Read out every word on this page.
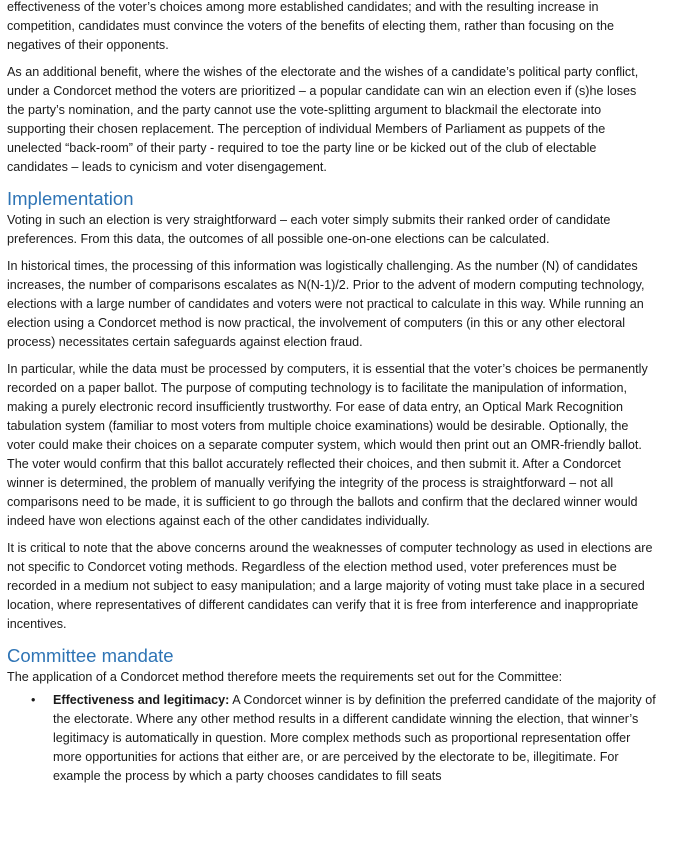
effectiveness of the voter’s choices among more established candidates; and with the resulting increase in competition, candidates must convince the voters of the benefits of electing them, rather than focusing on the negatives of their opponents.

As an additional benefit, where the wishes of the electorate and the wishes of a candidate’s political party conflict, under a Condorcet method the voters are prioritized – a popular candidate can win an election even if (s)he loses the party’s nomination, and the party cannot use the vote-splitting argument to blackmail the electorate into supporting their chosen replacement. The perception of individual Members of Parliament as puppets of the unelected “back-room” of their party - required to toe the party line or be kicked out of the club of electable candidates – leads to cynicism and voter disengagement.

Implementation

Voting in such an election is very straightforward – each voter simply submits their ranked order of candidate preferences. From this data, the outcomes of all possible one-on-one elections can be calculated.

In historical times, the processing of this information was logistically challenging. As the number (N) of candidates increases, the number of comparisons escalates as N(N-1)/2. Prior to the advent of modern computing technology, elections with a large number of candidates and voters were not practical to calculate in this way. While running an election using a Condorcet method is now practical, the involvement of computers (in this or any other electoral process) necessitates certain safeguards against election fraud.

In particular, while the data must be processed by computers, it is essential that the voter’s choices be permanently recorded on a paper ballot. The purpose of computing technology is to facilitate the manipulation of information, making a purely electronic record insufficiently trustworthy. For ease of data entry, an Optical Mark Recognition tabulation system (familiar to most voters from multiple choice examinations) would be desirable. Optionally, the voter could make their choices on a separate computer system, which would then print out an OMR-friendly ballot. The voter would confirm that this ballot accurately reflected their choices, and then submit it. After a Condorcet winner is determined, the problem of manually verifying the integrity of the process is straightforward – not all comparisons need to be made, it is sufficient to go through the ballots and confirm that the declared winner would indeed have won elections against each of the other candidates individually.

It is critical to note that the above concerns around the weaknesses of computer technology as used in elections are not specific to Condorcet voting methods. Regardless of the election method used, voter preferences must be recorded in a medium not subject to easy manipulation; and a large majority of voting must take place in a secured location, where representatives of different candidates can verify that it is free from interference and inappropriate incentives.

Committee mandate

The application of a Condorcet method therefore meets the requirements set out for the Committee:

• Effectiveness and legitimacy: A Condorcet winner is by definition the preferred candidate of the majority of the electorate. Where any other method results in a different candidate winning the election, that winner’s legitimacy is automatically in question. More complex methods such as proportional representation offer more opportunities for actions that either are, or are perceived by the electorate to be, illegitimate. For example the process by which a party chooses candidates to fill seats
